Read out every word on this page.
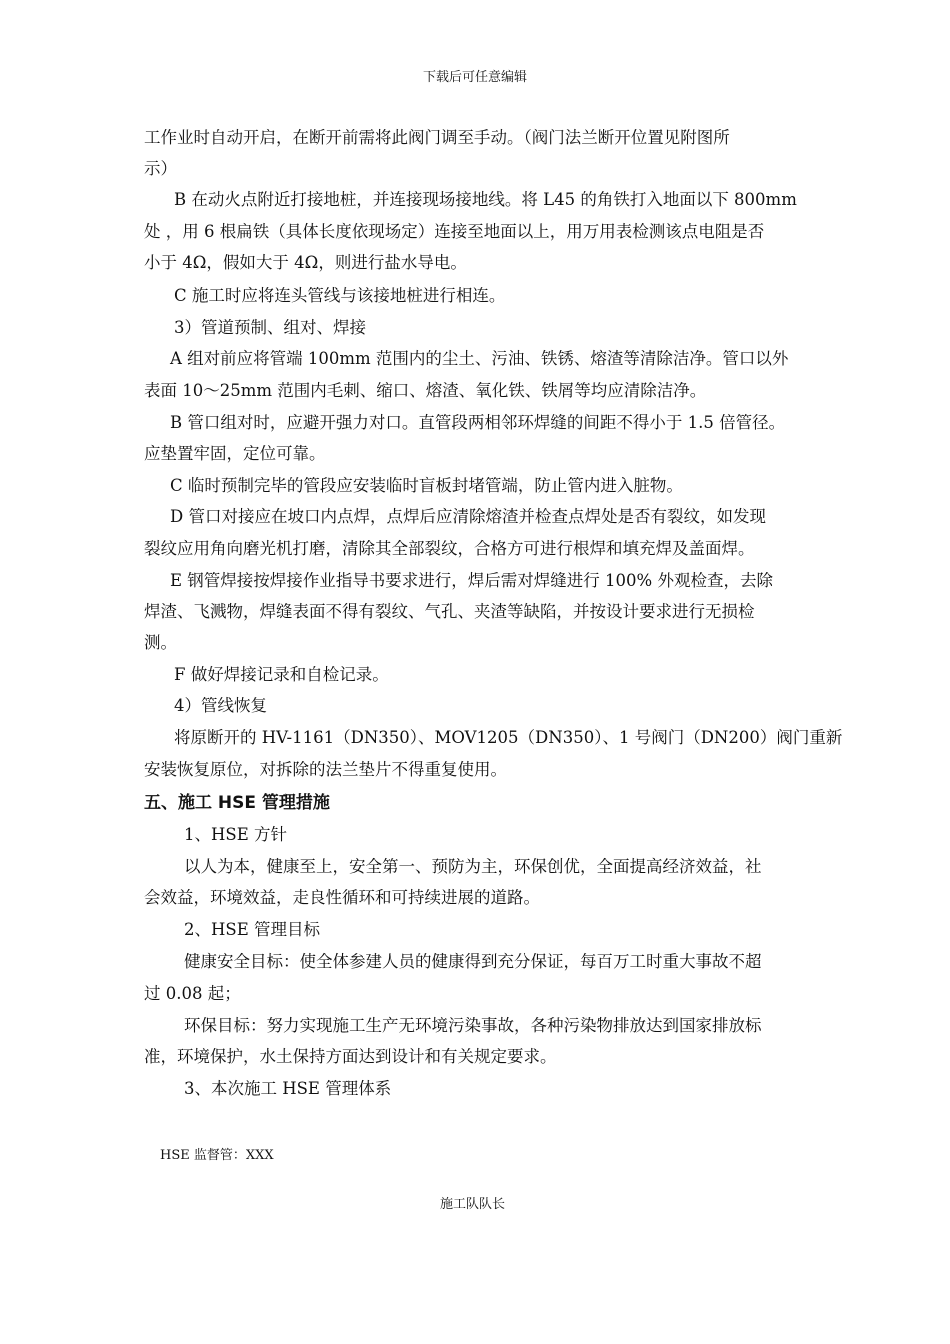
下载后可任意编辑
工作业时自动开启，在断开前需将此阀门调至手动。（阀门法兰断开位置见附图所
示）
B 在动火点附近打接地桩，并连接现场接地线。将 L45 的角铁打入地面以下 800mm
处 ，用 6 根扁铁（具体长度依现场定）连接至地面以上，用万用表检测该点电阻是否
小于 4Ω，假如大于 4Ω，则进行盐水导电。
C 施工时应将连头管线与该接地桩进行相连。
3）管道预制、组对、焊接
A 组对前应将管端 100mm 范围内的尘土、污油、铁锈、熔渣等清除洁净。管口以外
表面 10～25mm 范围内毛刺、缩口、熔渣、氧化铁、铁屑等均应清除洁净。
B 管口组对时，应避开强力对口。直管段两相邻环焊缝的间距不得小于 1.5 倍管径。
应垫置牢固，定位可靠。
C 临时预制完毕的管段应安装临时盲板封堵管端，防止管内进入脏物。
D 管口对接应在坡口内点焊，点焊后应清除熔渣并检查点焊处是否有裂纹，如发现
裂纹应用角向磨光机打磨，清除其全部裂纹，合格方可进行根焊和填充焊及盖面焊。
E 钢管焊接按焊接作业指导书要求进行，焊后需对焊缝进行 100% 外观检查，去除
焊渣、飞溅物，焊缝表面不得有裂纹、气孔、夹渣等缺陷，并按设计要求进行无损检
测。
F 做好焊接记录和自检记录。
4）管线恢复
将原断开的 HV-1161（DN350）、MOV1205（DN350）、1 号阀门（DN200）阀门重新
安装恢复原位，对拆除的法兰垫片不得重复使用。
五、施工 HSE 管理措施
1、HSE 方针
以人为本，健康至上，安全第一、预防为主，环保创优，全面提高经济效益，社
会效益，环境效益，走良性循环和可持续进展的道路。
2、HSE 管理目标
健康安全目标：使全体参建人员的健康得到充分保证，每百万工时重大事故不超
过 0.08 起；
环保目标：努力实现施工生产无环境污染事故，各种污染物排放达到国家排放标
准，环境保护，水土保持方面达到设计和有关规定要求。
3、本次施工 HSE 管理体系
HSE 监督管：XXX
施工队队长
